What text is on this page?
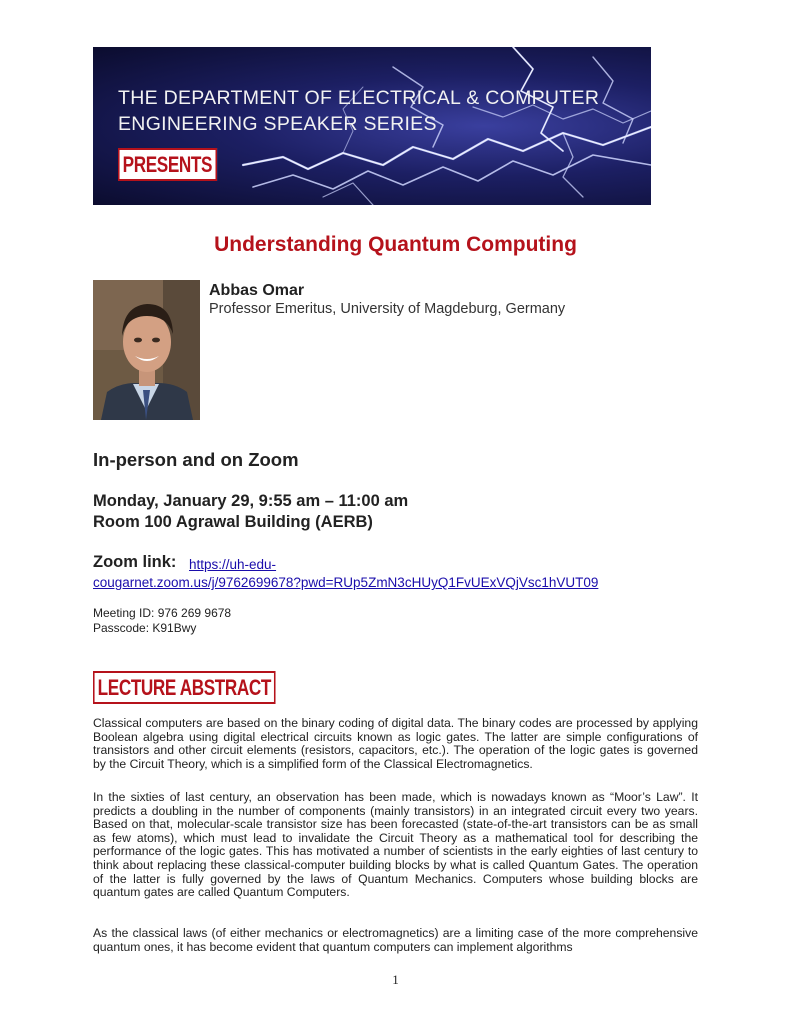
THE DEPARTMENT OF ELECTRICAL & COMPUTER
ENGINEERING SPEAKER SERIES
PRESENTS
Understanding Quantum Computing
Abbas Omar
Professor Emeritus, University of Magdeburg, Germany
In-person and on Zoom
Monday, January 29, 9:55 am – 11:00 am
Room 100 Agrawal Building (AERB)
Zoom link: https://uh-edu-
cougarnet.zoom.us/j/9762699678?pwd=RUp5ZmN3cHUyQ1FvUExVQjVsc1hVUT09
Meeting ID: 976 269 9678
Passcode: K91Bwy
LECTURE ABSTRACT

Classical computers are based on the binary coding of digital data. The binary codes are processed by applying Boolean algebra using digital electrical circuits known as logic gates. The latter are simple configurations of transistors and other circuit elements (resistors, capacitors, etc.). The operation of the logic gates is governed by the Circuit Theory, which is a simplified form of the Classical Electromagnetics.

In the sixties of last century, an observation has been made, which is nowadays known as “Moor’s Law”. It predicts a doubling in the number of components (mainly transistors) in an integrated circuit every two years. Based on that, molecular-scale transistor size has been forecasted (state-of-the-art transistors can be as small as few atoms), which must lead to invalidate the Circuit Theory as a mathematical tool for describing the performance of the logic gates. This has motivated a number of scientists in the early eighties of last century to think about replacing these classical-computer building blocks by what is called Quantum Gates. The operation of the latter is fully governed by the laws of Quantum Mechanics. Computers whose building blocks are quantum gates are called Quantum Computers.

As the classical laws (of either mechanics or electromagnetics) are a limiting case of the more comprehensive quantum ones, it has become evident that quantum computers can implement algorithms

1
